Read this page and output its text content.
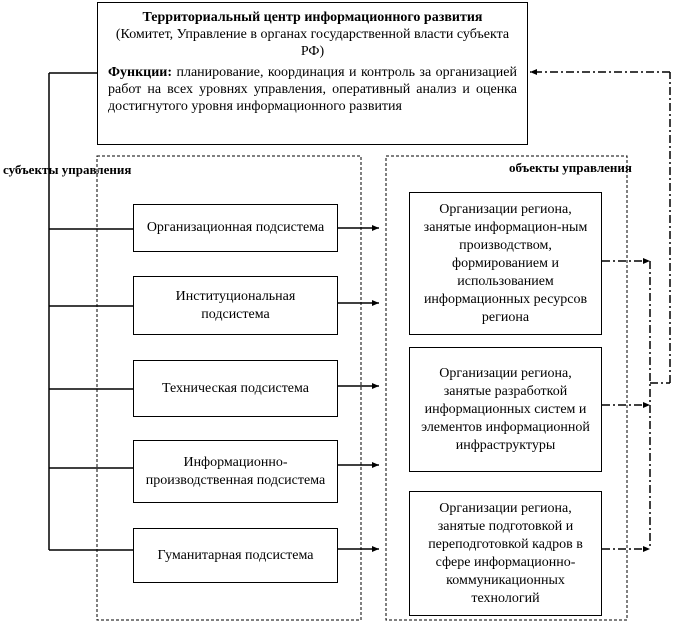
Территориальный центр информационного развития
(Комитет, Управление в органах государственной власти субъекта РФ)
Функции: планирование, координация и контроль за организацией работ на всех уровнях управления, оперативный анализ и оценка достигнутого уровня информационного развития
субъекты управления	объекты управления
Организационная подсистема
Институциональная подсистема
Техническая подсистема
Информационно-производственная подсистема
Гуманитарная подсистема
Организации региона, занятые информацион-ным производством, формированием и использованием информационных ресурсов региона
Организации региона, занятые разработкой информационных систем и элементов информационной инфраструктуры
Организации региона, занятые подготовкой и переподготовкой кадров в сфере информационно-коммуникационных технологий
